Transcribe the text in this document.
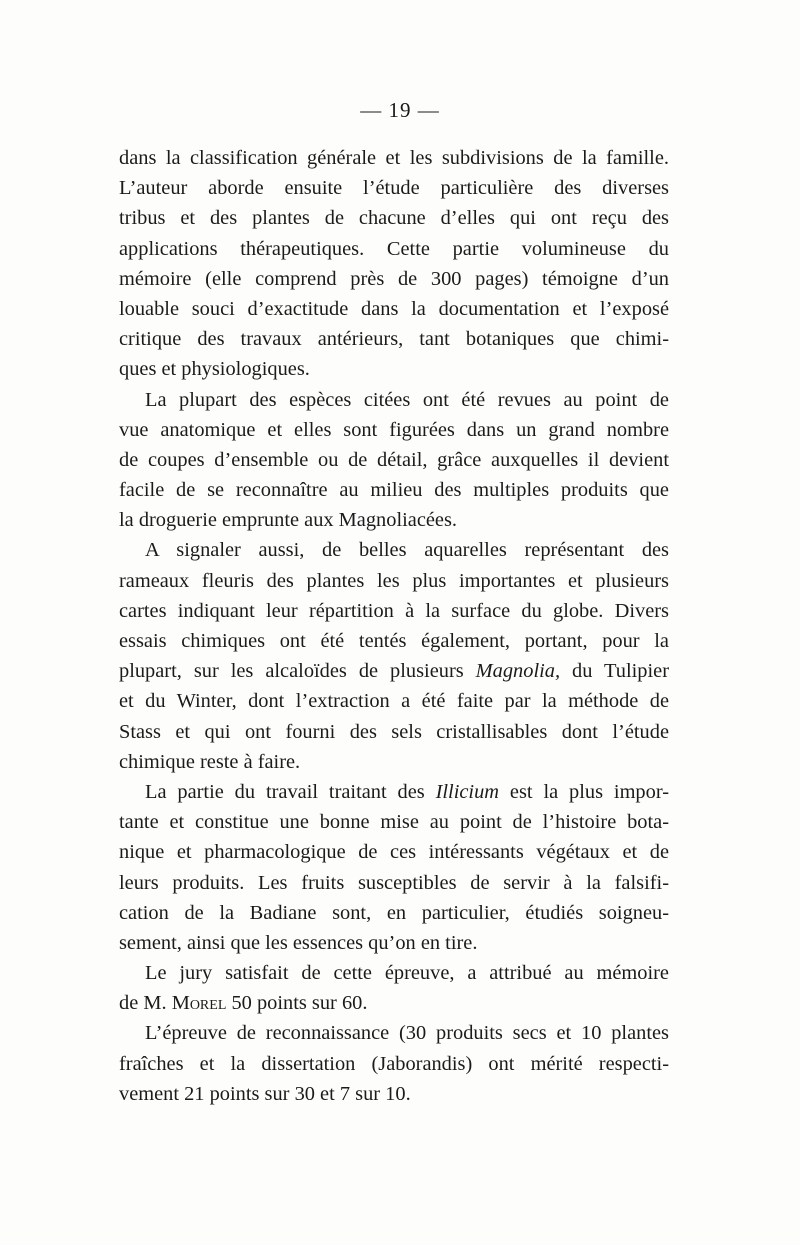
— 19 —
dans la classification générale et les subdivisions de la famille.
L’auteur aborde ensuite l’étude particulière des diverses
tribus et des plantes de chacune d’elles qui ont reçu des
applications thérapeutiques. Cette partie volumineuse du
mémoire (elle comprend près de 300 pages) témoigne d’un
louable souci d’exactitude dans la documentation et l’exposé
critique des travaux antérieurs, tant botaniques que chimi-
ques et physiologiques.
La plupart des espèces citées ont été revues au point de
vue anatomique et elles sont figurées dans un grand nombre
de coupes d’ensemble ou de détail, grâce auxquelles il devient
facile de se reconnaître au milieu des multiples produits que
la droguerie emprunte aux Magnoliacées.
A signaler aussi, de belles aquarelles représentant des
rameaux fleuris des plantes les plus importantes et plusieurs
cartes indiquant leur répartition à la surface du globe. Divers
essais chimiques ont été tentés également, portant, pour la
plupart, sur les alcaloïdes de plusieurs Magnolia, du Tulipier
et du Winter, dont l’extraction a été faite par la méthode de
Stass et qui ont fourni des sels cristallisables dont l’étude
chimique reste à faire.
La partie du travail traitant des Illicium est la plus impor-
tante et constitue une bonne mise au point de l’histoire bota-
nique et pharmacologique de ces intéressants végétaux et de
leurs produits. Les fruits susceptibles de servir à la falsifi-
cation de la Badiane sont, en particulier, étudiés soigneu-
sement, ainsi que les essences qu’on en tire.
Le jury satisfait de cette épreuve, a attribué au mémoire
de M. Morel 50 points sur 60.
L’épreuve de reconnaissance (30 produits secs et 10 plantes
fraîches et la dissertation (Jaborandis) ont mérité respecti-
vement 21 points sur 30 et 7 sur 10.
